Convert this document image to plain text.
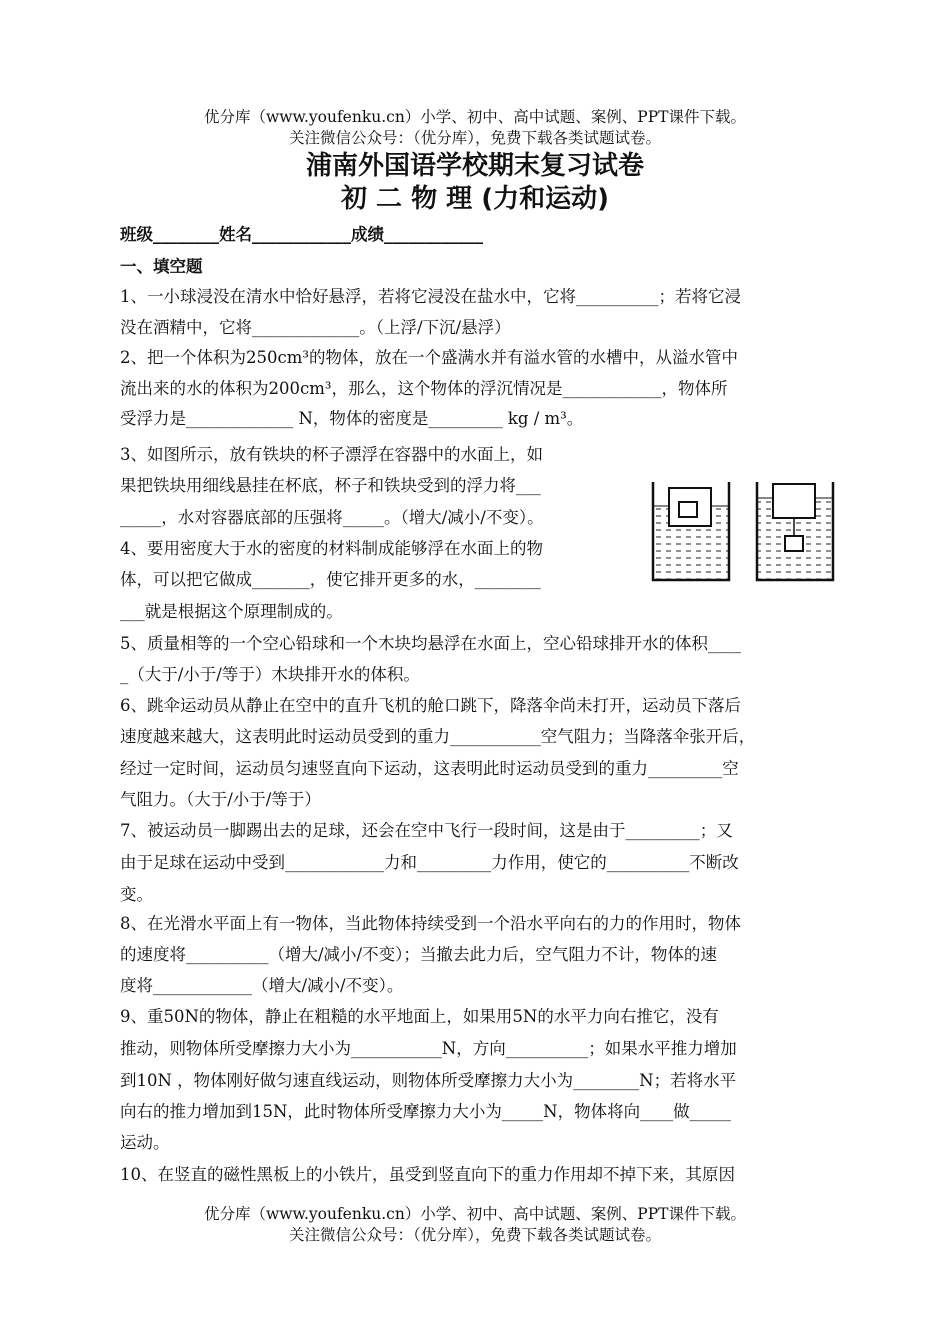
优分库（www.youfenku.cn）小学、初中、高中试题、案例、PPT课件下载。
关注微信公众号：（优分库），免费下载各类试题试卷。
浦南外国语学校期末复习试卷
初 二 物 理 (力和运动)
班级________姓名____________成绩____________
一、填空题
1、一小球浸没在清水中恰好悬浮，若将它浸没在盐水中，它将__________；若将它浸
没在酒精中，它将_____________。（上浮/下沉/悬浮）
2、把一个体积为250cm³的物体，放在一个盛满水并有溢水管的水槽中，从溢水管中
流出来的水的体积为200cm³，那么，这个物体的浮沉情况是____________，物体所
受浮力是_____________ N，物体的密度是_________ kg / m³。
3、如图所示，放有铁块的杯子漂浮在容器中的水面上，如
果把铁块用细线悬挂在杯底，杯子和铁块受到的浮力将___
_____，水对容器底部的压强将_____。（增大/减小/不变）。
4、要用密度大于水的密度的材料制成能够浮在水面上的物
体，可以把它做成_______，使它排开更多的水，________
___就是根据这个原理制成的。
5、质量相等的一个空心铅球和一个木块均悬浮在水面上，空心铅球排开水的体积____
_（大于/小于/等于）木块排开水的体积。
6、跳伞运动员从静止在空中的直升飞机的舱口跳下，降落伞尚未打开，运动员下落后
速度越来越大，这表明此时运动员受到的重力___________空气阻力；当降落伞张开后，
经过一定时间，运动员匀速竖直向下运动，这表明此时运动员受到的重力_________空
气阻力。（大于/小于/等于）
7、被运动员一脚踢出去的足球，还会在空中飞行一段时间，这是由于_________；又
由于足球在运动中受到____________力和_________力作用，使它的__________不断改
变。
8、在光滑水平面上有一物体，当此物体持续受到一个沿水平向右的力的作用时，物体
的速度将__________（增大/减小/不变）；当撤去此力后，空气阻力不计，物体的速
度将____________（增大/减小/不变）。
9、重50N的物体，静止在粗糙的水平地面上，如果用5N的水平力向右推它，没有
推动，则物体所受摩擦力大小为___________N，方向__________；如果水平推力增加
到10N ，物体刚好做匀速直线运动，则物体所受摩擦力大小为________N；若将水平
向右的推力增加到15N，此时物体所受摩擦力大小为_____N，物体将向____做_____
运动。
10、在竖直的磁性黑板上的小铁片，虽受到竖直向下的重力作用却不掉下来，其原因
优分库（www.youfenku.cn）小学、初中、高中试题、案例、PPT课件下载。
关注微信公众号：（优分库），免费下载各类试题试卷。
